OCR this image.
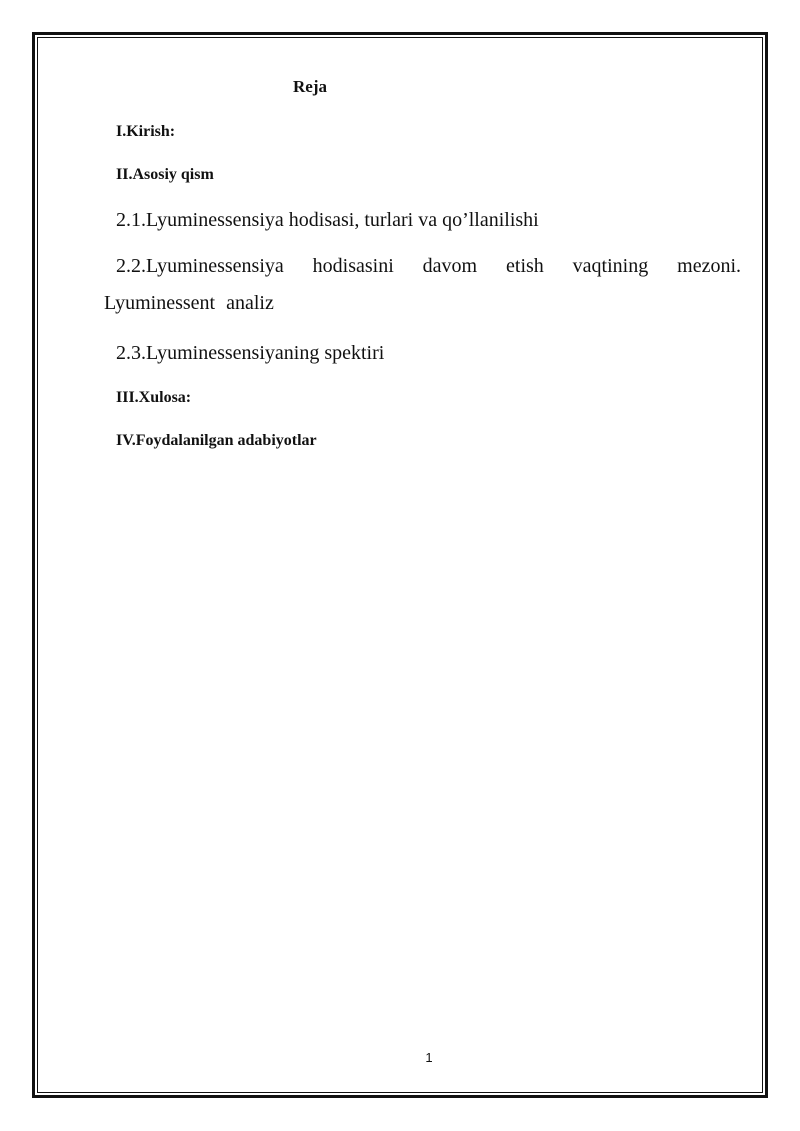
Reja
I.Kirish:
II.Asosiy qism
2.1.Lyuminessensiya hodisasi, turlari va qo’llanilishi
2.2.Lyuminessensiya hodisasini davom etish vaqtining mezoni.
Lyuminessent analiz
2.3.Lyuminessensiyaning spektiri
III.Xulosa:
IV.Foydalanilgan adabiyotlar
1
